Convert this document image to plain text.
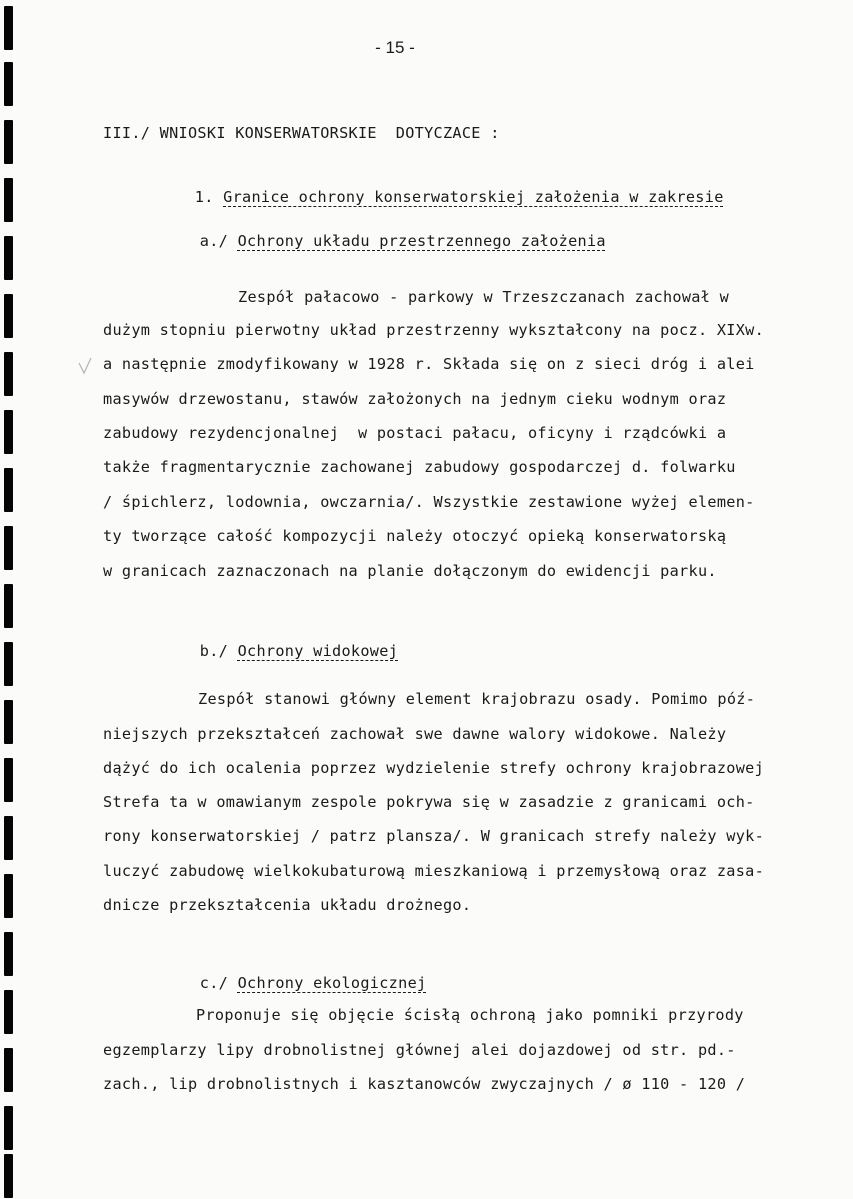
- 15 -
III./ WNIOSKI KONSERWATORSKIE  DOTYCZACE :

1. Granice ochrony konserwatorskiej założenia w zakresie

a./ Ochrony układu przestrzennego założenia

Zespół pałacowo - parkowy w Trzeszczanach zachował w
dużym stopniu pierwotny układ przestrzenny wykształcony na pocz. XIXw.
a następnie zmodyfikowany w 1928 r. Składa się on z sieci dróg i alei
masywów drzewostanu, stawów założonych na jednym cieku wodnym oraz
zabudowy rezydencjonalnej  w postaci pałacu, oficyny i rządcówki a
także fragmentarycznie zachowanej zabudowy gospodarczej d. folwarku
/ śpichlerz, lodownia, owczarnia/. Wszystkie zestawione wyżej elemen-
ty tworzące całość kompozycji należy otoczyć opieką konserwatorską
w granicach zaznaczonach na planie dołączonym do ewidencji parku.

b./ Ochrony widokowej

Zespół stanowi główny element krajobrazu osady. Pomimo póź-
niejszych przekształceń zachował swe dawne walory widokowe. Należy
dążyć do ich ocalenia poprzez wydzielenie strefy ochrony krajobrazowej
Strefa ta w omawianym zespole pokrywa się w zasadzie z granicami och-
rony konserwatorskiej / patrz plansza/. W granicach strefy należy wyk-
luczyć zabudowę wielkokubaturową mieszkaniową i przemysłową oraz zasa-
dnicze przekształcenia układu drożnego.

c./ Ochrony ekologicznej

Proponuje się objęcie ścisłą ochroną jako pomniki przyrody
egzemplarzy lipy drobnolistnej głównej alei dojazdowej od str. pd.-
zach., lip drobnolistnych i kasztanowców zwyczajnych / ø 110 - 120 /
